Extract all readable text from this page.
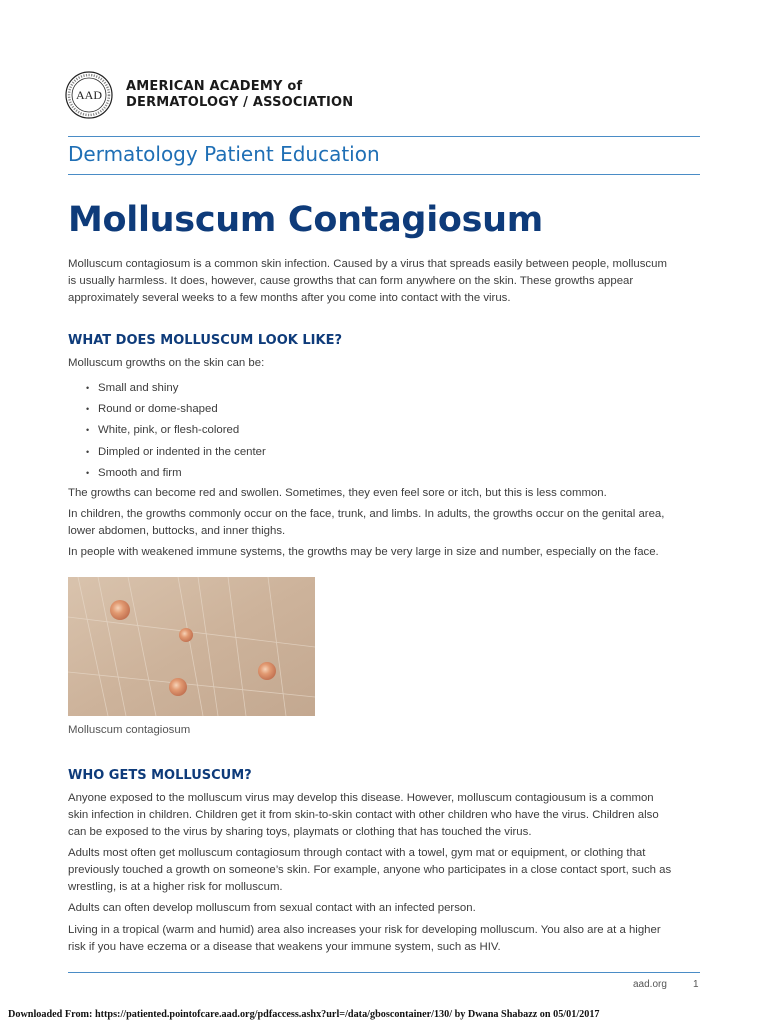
AAD
AMERICAN ACADEMY of
DERMATOLOGY / ASSOCIATION
Dermatology Patient Education
Molluscum Contagiosum
Molluscum contagiosum is a common skin infection. Caused by a virus that spreads easily between people, molluscum
is usually harmless. It does, however, cause growths that can form anywhere on the skin. These growths appear
approximately several weeks to a few months after you come into contact with the virus.
WHAT DOES MOLLUSCUM LOOK LIKE?
Molluscum growths on the skin can be:
• Small and shiny
• Round or dome-shaped
• White, pink, or flesh-colored
• Dimpled or indented in the center
• Smooth and firm
The growths can become red and swollen. Sometimes, they even feel sore or itch, but this is less common.
In children, the growths commonly occur on the face, trunk, and limbs. In adults, the growths occur on the genital area,
lower abdomen, buttocks, and inner thighs.
In people with weakened immune systems, the growths may be very large in size and number, especially on the face.
Molluscum contagiosum
WHO GETS MOLLUSCUM?
Anyone exposed to the molluscum virus may develop this disease. However, molluscum contagiousum is a common
skin infection in children. Children get it from skin-to-skin contact with other children who have the virus. Children also
can be exposed to the virus by sharing toys, playmats or clothing that has touched the virus.
Adults most often get molluscum contagiosum through contact with a towel, gym mat or equipment, or clothing that
previously touched a growth on someone’s skin. For example, anyone who participates in a close contact sport, such as
wrestling, is at a higher risk for molluscum.
Adults can often develop molluscum from sexual contact with an infected person.
Living in a tropical (warm and humid) area also increases your risk for developing molluscum. You also are at a higher
risk if you have eczema or a disease that weakens your immune system, such as HIV.
aad.org	1
Downloaded From: https://patiented.pointofcare.aad.org/pdfaccess.ashx?url=/data/gboscontainer/130/ by Dwana Shabazz on 05/01/2017
